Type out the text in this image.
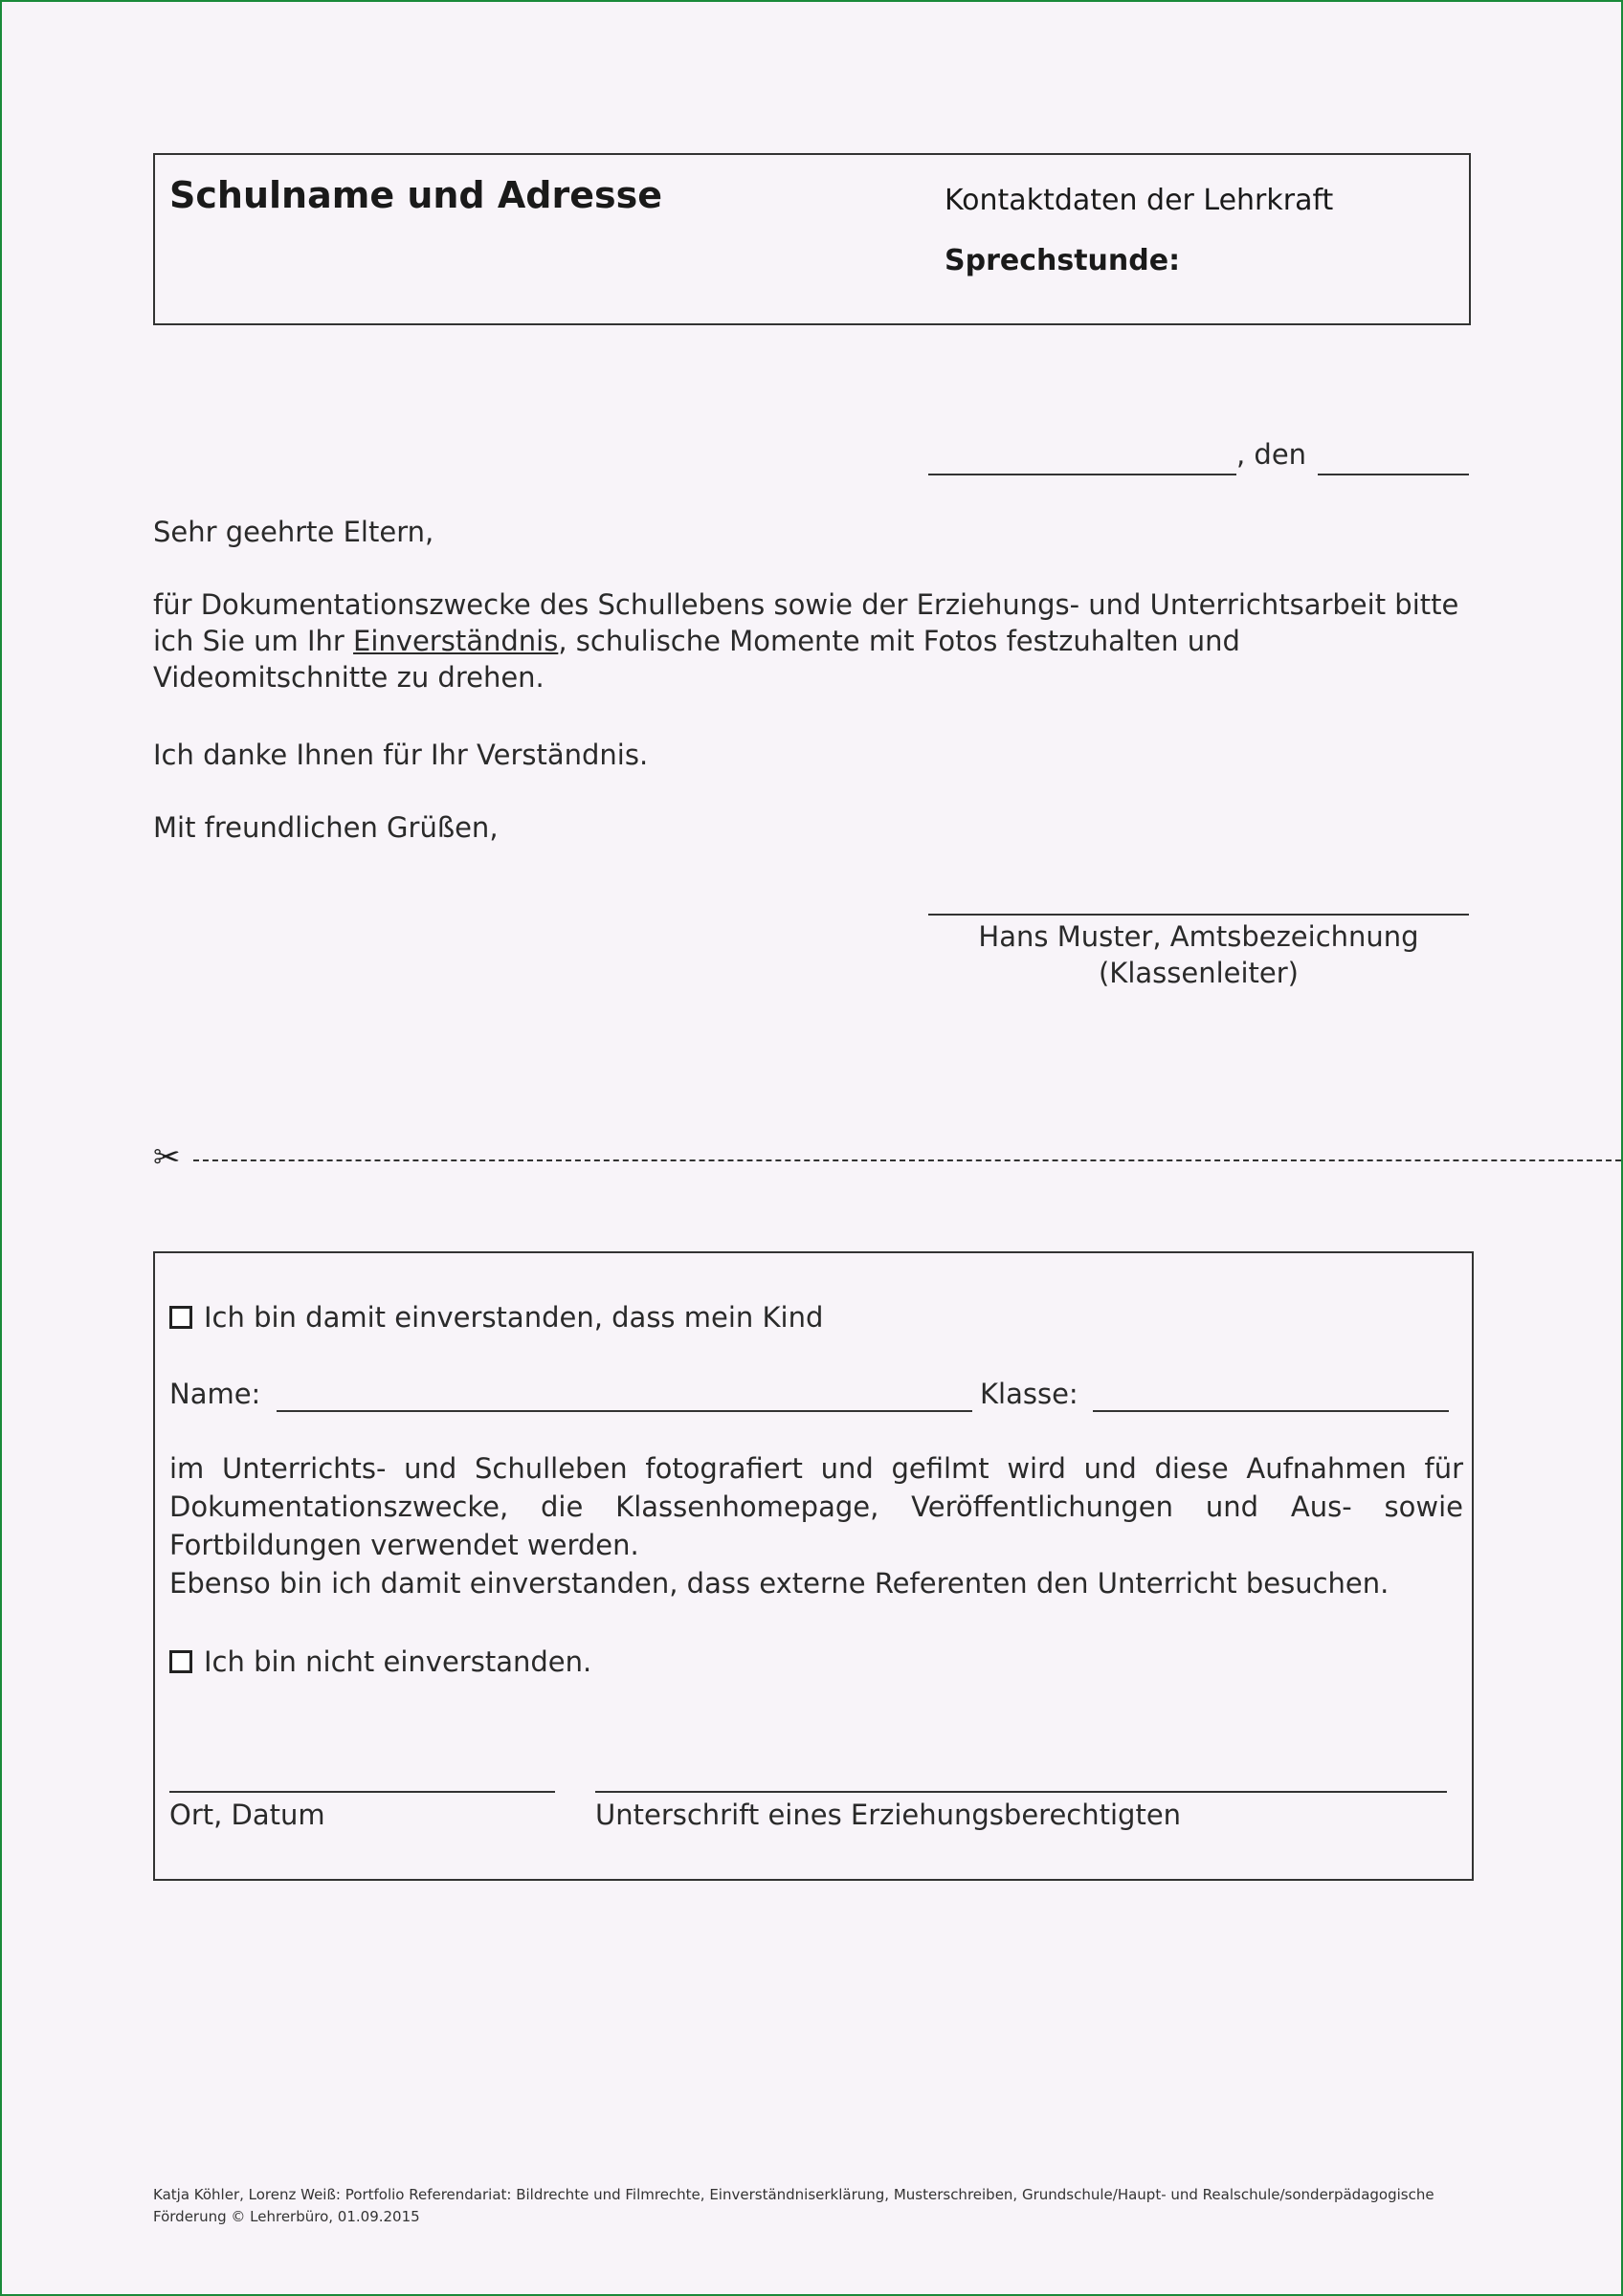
Schulname und Adresse	Kontaktdaten der Lehrkraft
Sprechstunde:
, den
Sehr geehrte Eltern,
für Dokumentationszwecke des Schullebens sowie der Erziehungs- und Unterrichtsarbeit bitte ich Sie um Ihr Einverständnis, schulische Momente mit Fotos festzuhalten und Videomitschnitte zu drehen.
Ich danke Ihnen für Ihr Verständnis.
Mit freundlichen Grüßen,
Hans Muster, Amtsbezeichnung
(Klassenleiter)
✂
Ich bin damit einverstanden, dass mein Kind
Name:	Klasse:
im Unterrichts- und Schulleben fotografiert und gefilmt wird und diese Aufnahmen für Dokumentationszwecke, die Klassenhomepage, Veröffentlichungen und Aus- sowie Fortbildungen verwendet werden.
Ebenso bin ich damit einverstanden, dass externe Referenten den Unterricht besuchen.
Ich bin nicht einverstanden.
Ort, Datum	Unterschrift eines Erziehungsberechtigten
Katja Köhler, Lorenz Weiß: Portfolio Referendariat: Bildrechte und Filmrechte, Einverständniserklärung, Musterschreiben, Grundschule/Haupt- und Realschule/sonderpädagogische Förderung © Lehrerbüro, 01.09.2015
